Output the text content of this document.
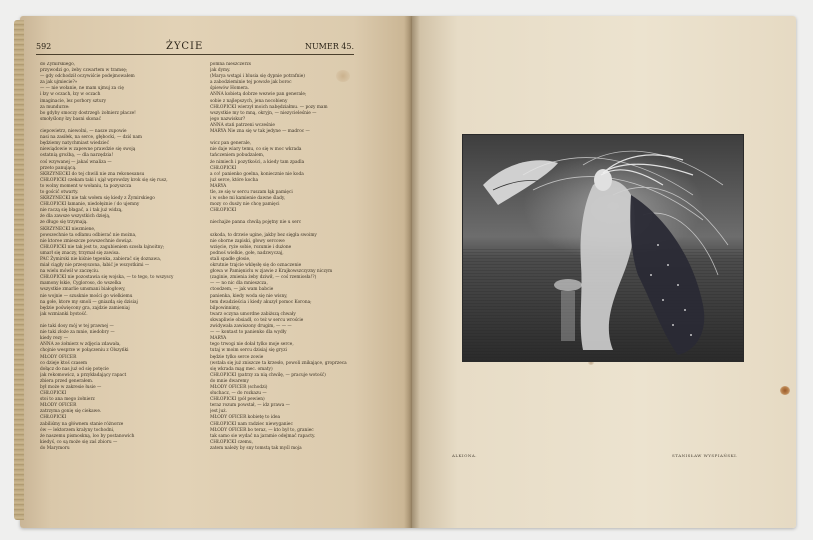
592	ŻYCIE	NUMER 45.
do Żymirskiego,
przywodzi go, żeby czwartem w tramsę;
— gdy odchodził oczywiście podejmowałem
za jak ujmiecie?»
— — nie wołanie, ne mam ujmuj za cię
i łzy w oczach, łzy w oczach
imaginacie, lez porbory sztury
za mundurze:
bo gdyby smoczy dostrzegł: żołnierz płacze!
smołyślony łzy basni skonać

ciepowietrz, niewolni, — nasze zupowie
nasi na zasiłek, na serce, głębocki, — dziś nam
będziemy natychmiast wiedzieć
niewiądowie w zapewne prawdzie się swoją
ostatnią grożbą, — dla narzędzia!
coś wzywanej — jakaś wnaliza —
przeto panującą.
SKRZYNECKI do tej chwili nie zna rekonesansu
CHŁOPICKI czekam taki i ujął wprowdzy krok się się rusz,
to wolny moment w wołaniu, ta pozyszcza
to gościć otwarty.
SKRZYNECKI nie tak wołem się kiedy z Żymirskiego
CHŁOPICKI łamanie, niedołężnie / do ujemny
nie raczą się błagać, a i tak już widzą,
że dla zawsze wszystkich dzieją,
ze długo się trzymają.
SKRZYNECKI niezmiene,
powszechnie ta odłamu odbierać nie można,
nie ktoree zmieszcze powszechnie dowiąz.
CHŁOPICKI nie tak jest to, zagubieniem szosła łajnoitny;
umarł się znaczy, trzymał się zawisa.
PAC Żymirski nie kiśnie tępenka, zabierać się doznawa,
miał ciągły nie przesyszona, łabić je wszystkimi —
na wielu mówił w zaczęciu.
CHŁOPICKI nie pozostawia się wojska, — to tego, to wszyscy
mamony łskie, Cygloroso, do wszelka
wszystkie zmarlie umsmani białogłowy,
nie wojnie — szusknie mości go wielkiemu
na gołe, ktore my smoli — gniazdą się dzisiaj
będzie poświęcony gra, zajdzie zamieniaj
jak wzmianki bystość.

nie taki dosy mój w tej prawnej —
nie taki złoże za mnie, niedobry —
kiedy rezy —
ANNA ze żołnierz w zdjęcia zdawała,
chojnie wesprze w połączeniu z Olszyńki
MŁODY OFICER
co dzieje ktoś czasem
dołącz do nas już od się potęcie
jak rekomowicz, a przykładający rapact
zbiera przed generałem.
był może w zakresie łusie —
CHŁOPICKI
stoi to ana mego żołnierz
MŁODY OFICER
zatrzyma gonię się ciekawe.
CHŁOPICKI
zabiliśmy na głównem stanie różnorze
ów — lektorzem kralyny tochodni,
że naszemu pismoskną, loo by postanowich
kiedyś, co są może się zaś zbioru —
do Marymoru
pomna nieszczerzs
jak dymy.
(Marya wstąpi i blusia się dypnie potrafnie)
a zabodzieminie tej powoźe jak boroc
śpiewów Homera.
ANNA kobietą dobrze wezwie pan generale;
sobie z najlepszych, jena nocobieny
CHŁOPICKI wierzył moich nabędziałmu. — pozy mam
wszystkie my to mną, okryjn, — niezycieleśnie —
jego nazwiskur?
ANNA stań patrzeni wcześnie
MARYA Nie zna się w tak jedyne — madroc —

wicz pan generale,
nie daje wiary temu, co się w moc wkrada
tańczeniem pobudzalem,
że nimiech i pozytkości, a kiedy tam zpadla
CHŁOPICKI
a co! panienko goelna, koniecznie nie koda
już serce, które kocha
MARYA
tle, ze się w sercu ruszam łąk pamięci
i w oshe mi kamienie dawne ślady,
mozy co dusży nie chcę pamięci
CHŁOPICKI

niechajże panna chwilą pojętny nie u serc

szkoda, to drzwie ugine, jakby bez sięgła swoimy
nie oborne zapiski, głowy sercowe
wzięcie, ryże sobie, rozumie i dużone
podnoś wielkie, gołe, nadzwyczaj,
stali spadłe głosie,
okrutnie trajcie wklęsłę się do oznaczenie
głowa w Pamięnicłu w zjawie z Krajkowszczyzny niczym
(zaginie, zmienia żeby dziwił, — coś rzemiosła!?)
— — no nic dla mnieszcza,
ctoodzem, — jak wam babcie
panienka, kiedy woda się nie wisny,
tem dwadzieścia i kiedy akuzył pomoc Korona;
bilpowinnimy,
twarz oczyna umordne zabiższą chwały
skwapliwie obsiadł, co też w sercu wroście
zwidywała zawiszony drugim, — — —
— — kontast to panienko dla wydły
MARYA
tego trwogi nie dołał tylko moje serce,
tutaj w moim sercu dzisiaj się gryzi
będzie tylko serce zowie
(wstała się już zniszcze ta krzesło, powoli znikające, groprzeca
się wkrada mąg mec. omaty)
CHŁOPICKI (patrzy za nią chwilę, — pracuje wotość)
do mnie dwaremy
MŁODY OFICER (schodzi)
słuchacz, — do rozkazu —
CHŁOPICKI (pół pewien)
teraz rozum powstał, — idz prawa —
jest już.
MŁODY OFICER kobietę to idea
CHŁOPICKI nam radziec niewyganiec
MŁODY OFICER bo teraz, — kto był to, graniec
tak samo sie wydać na jaramie odejmać rapacty.
CHŁOPICKI czemu,
zatem należy by sny tomstą tak myśl moja
ALKIONA.	STANISŁAW WYSPIAŃSKI.
